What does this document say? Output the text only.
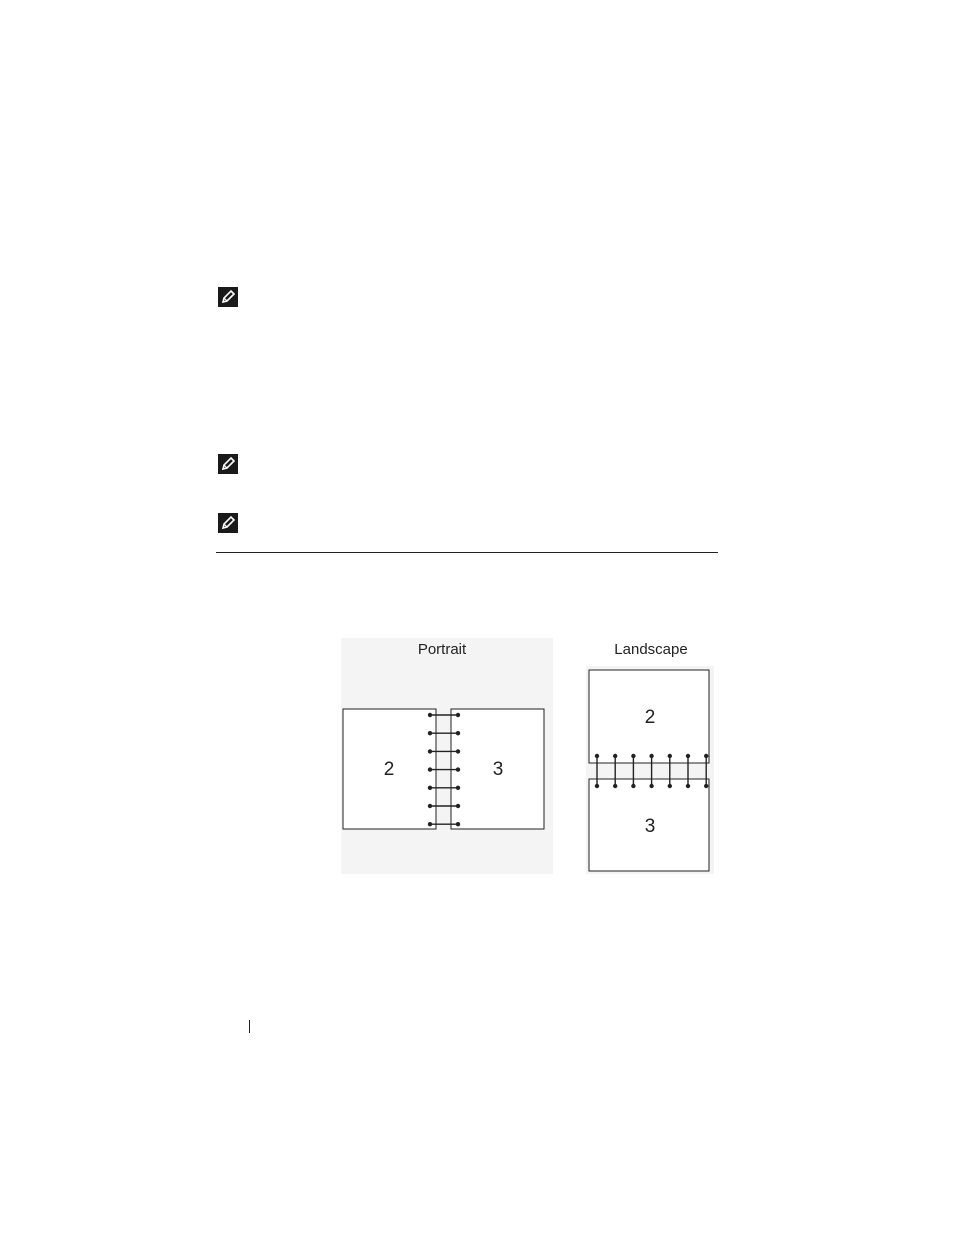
Portrait
2	3
Landscape
2
3
